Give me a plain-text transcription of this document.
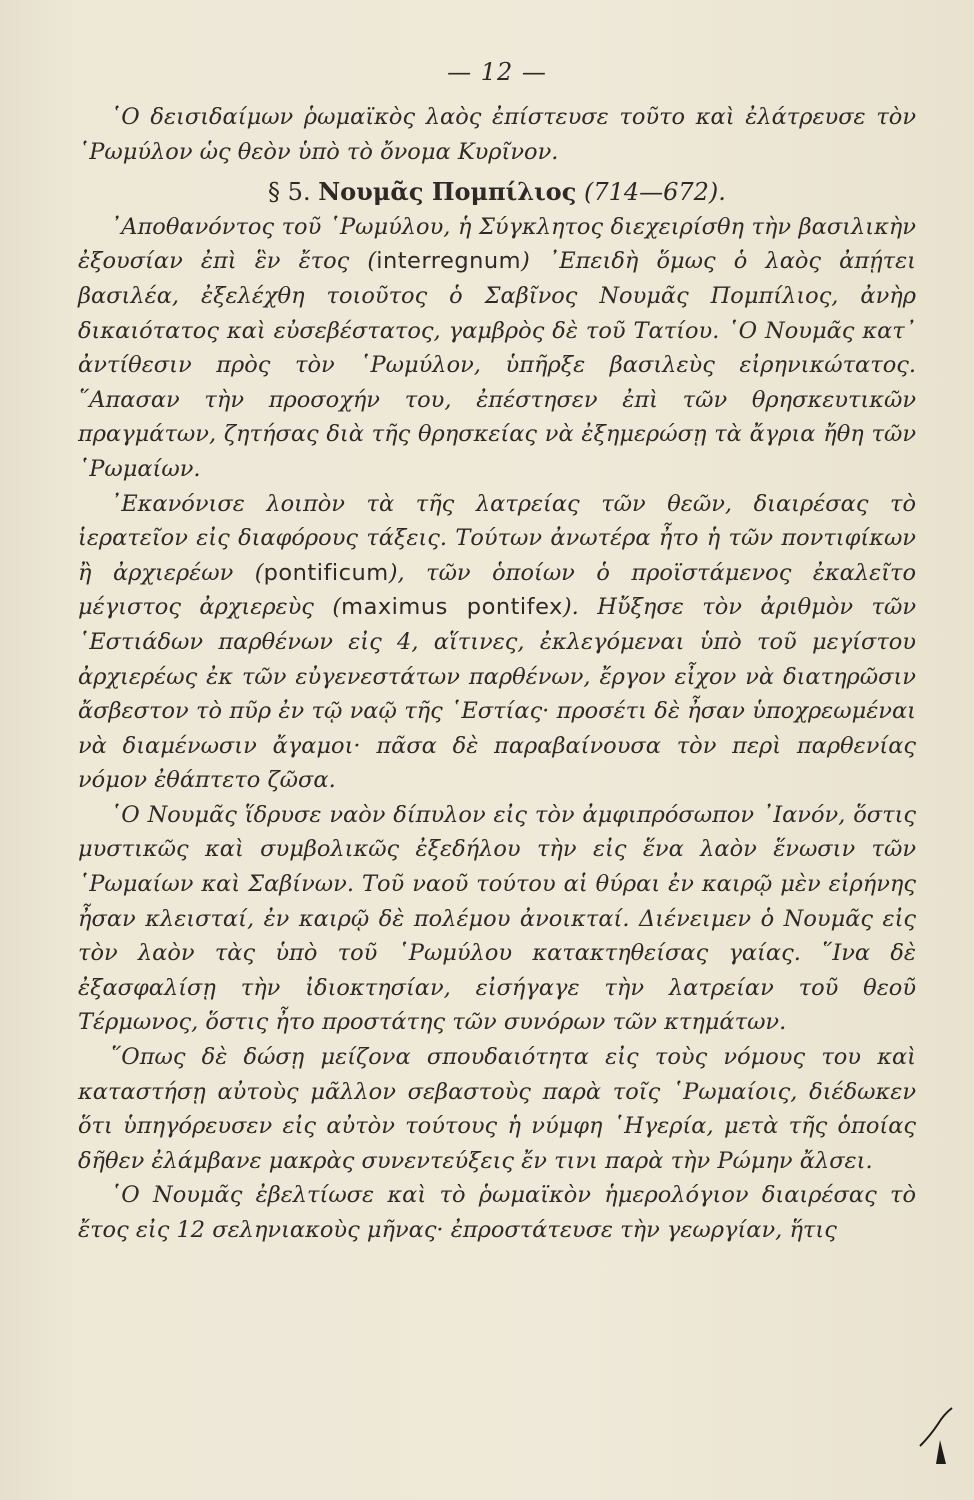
— 12 —

῾Ο δεισιδαίμων ῥωμαϊκὸς λαὸς ἐπίστευσε τοῦτο καὶ ἐλάτρευσε τὸν ῾Ρωμύλον ὡς θεὸν ὑπὸ τὸ ὄνομα Κυρῖνον.

§ 5. Νουμᾶς Πομπίλιος (714—672).

᾿Αποθανόντος τοῦ ῾Ρωμύλου, ἡ Σύγκλητος διεχειρίσθη τὴν βασιλικὴν ἐξουσίαν ἐπὶ ἓν ἔτος (interregnum) ᾿Επειδὴ ὅμως ὁ λαὸς ἀπῄτει βασιλέα, ἐξελέχθη τοιοῦτος ὁ Σαβῖνος Νουμᾶς Πομπίλιος, ἀνὴρ δικαιότατος καὶ εὐσεβέστατος, γαμβρὸς δὲ τοῦ Τατίου. ῾Ο Νουμᾶς κατ᾿ ἀντίθεσιν πρὸς τὸν ῾Ρωμύλον, ὑπῆρξε βασιλεὺς εἰρηνικώτατος. ῞Απασαν τὴν προσοχήν του, ἐπέστησεν ἐπὶ τῶν θρησκευτικῶν πραγμάτων, ζητήσας διὰ τῆς θρησκείας νὰ ἐξημερώσῃ τὰ ἄγρια ἤθη τῶν ῾Ρωμαίων.

᾿Εκανόνισε λοιπὸν τὰ τῆς λατρείας τῶν θεῶν, διαιρέσας τὸ ἱερατεῖον εἰς διαφόρους τάξεις. Τούτων ἀνωτέρα ἦτο ἡ τῶν ποντιφίκων ἢ ἀρχιερέων (pontificum), τῶν ὁποίων ὁ προϊστάμενος ἐκαλεῖτο μέγιστος ἀρχιερεὺς (maximus pontifex). Ηὔξησε τὸν ἀριθμὸν τῶν ῾Εστιάδων παρθένων εἰς 4, αἵτινες, ἐκλεγόμεναι ὑπὸ τοῦ μεγίστου ἀρχιερέως ἐκ τῶν εὐγενεστάτων παρθένων, ἔργον εἶχον νὰ διατηρῶσιν ἄσβεστον τὸ πῦρ ἐν τῷ ναῷ τῆς ῾Εστίας· προσέτι δὲ ἦσαν ὑποχρεωμέναι νὰ διαμένωσιν ἄγαμοι· πᾶσα δὲ παραβαίνουσα τὸν περὶ παρθενίας νόμον ἐθάπτετο ζῶσα.

῾Ο Νουμᾶς ἵδρυσε ναὸν δίπυλον εἰς τὸν ἀμφιπρόσωπον ᾿Ιανόν, ὅστις μυστικῶς καὶ συμβολικῶς ἐξεδήλου τὴν εἰς ἕνα λαὸν ἕνωσιν τῶν ῾Ρωμαίων καὶ Σαβίνων. Τοῦ ναοῦ τούτου αἱ θύραι ἐν καιρῷ μὲν εἰρήνης ἦσαν κλεισταί, ἐν καιρῷ δὲ πολέμου ἀνοικταί. Διένειμεν ὁ Νουμᾶς εἰς τὸν λαὸν τὰς ὑπὸ τοῦ ῾Ρωμύλου κατακτηθείσας γαίας. ῞Ινα δὲ ἐξασφαλίσῃ τὴν ἰδιοκτησίαν, εἰσήγαγε τὴν λατρείαν τοῦ θεοῦ Τέρμωνος, ὅστις ἦτο προστάτης τῶν συνόρων τῶν κτημάτων.

῞Οπως δὲ δώσῃ μείζονα σπουδαιότητα εἰς τοὺς νόμους του καὶ καταστήσῃ αὐτοὺς μᾶλλον σεβαστοὺς παρὰ τοῖς ῾Ρωμαίοις, διέδωκεν ὅτι ὑπηγόρευσεν εἰς αὐτὸν τούτους ἡ νύμφη ῾Ηγερία, μετὰ τῆς ὁποίας δῆθεν ἐλάμβανε μακρὰς συνεντεύξεις ἔν τινι παρὰ τὴν Ρώμην ἄλσει.

῾Ο Νουμᾶς ἐβελτίωσε καὶ τὸ ῥωμαϊκὸν ἡμερολόγιον διαιρέσας τὸ ἔτος εἰς 12 σεληνιακοὺς μῆνας· ἐπροστάτευσε τὴν γεωργίαν, ἥτις
